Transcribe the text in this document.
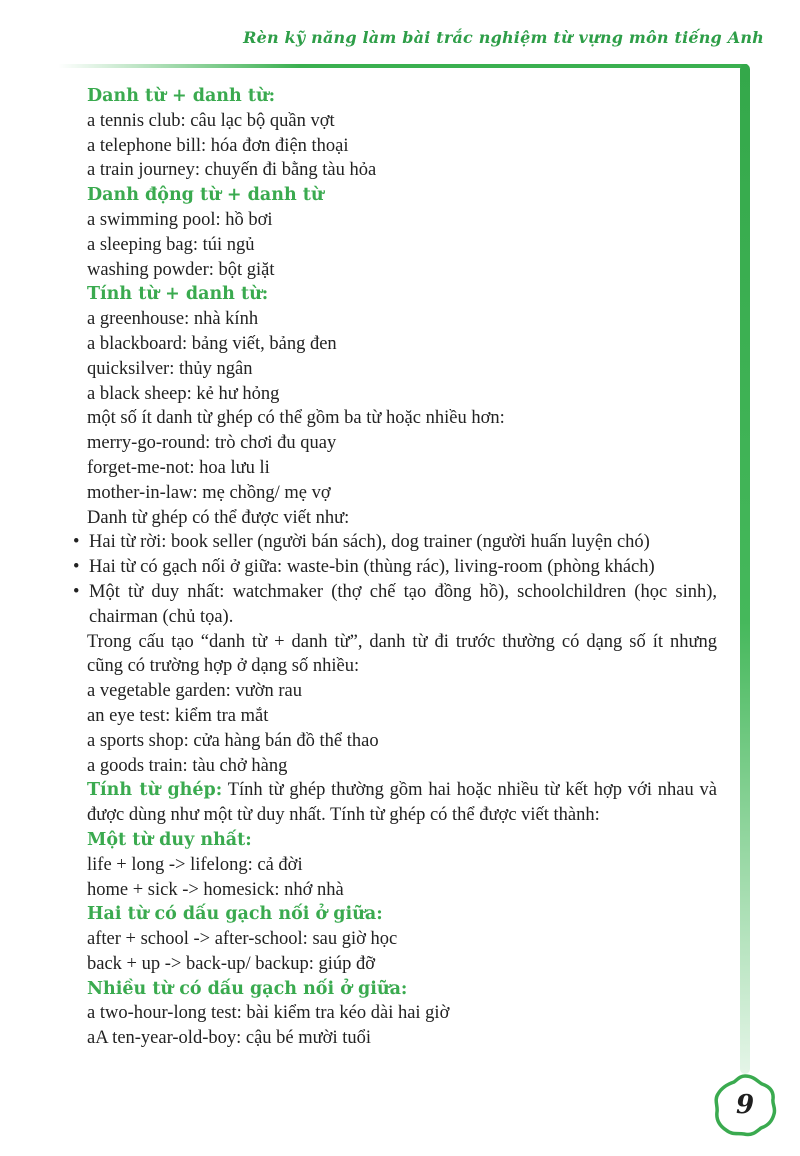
Rèn kỹ năng làm bài trắc nghiệm từ vựng môn tiếng Anh
Danh từ + danh từ:
a tennis club: câu lạc bộ quần vợt
a telephone bill: hóa đơn điện thoại
a train journey: chuyến đi bằng tàu hỏa
Danh động từ + danh từ
a swimming pool: hồ bơi
a sleeping bag: túi ngủ
washing powder: bột giặt
Tính từ + danh từ:
a greenhouse: nhà kính
a blackboard: bảng viết, bảng đen
quicksilver: thủy ngân
a black sheep: kẻ hư hỏng
một số ít danh từ ghép có thể gồm ba từ hoặc nhiều hơn:
merry-go-round: trò chơi đu quay
forget-me-not: hoa lưu li
mother-in-law: mẹ chồng/ mẹ vợ
Danh từ ghép có thể được viết như:
• Hai từ rời: book seller (người bán sách), dog trainer (người huấn luyện chó)
• Hai từ có gạch nối ở giữa: waste-bin (thùng rác), living-room (phòng khách)
• Một từ duy nhất: watchmaker (thợ chế tạo đồng hồ), schoolchildren (học sinh), chairman (chủ tọa).
Trong cấu tạo “danh từ + danh từ”, danh từ đi trước thường có dạng số ít nhưng cũng có trường hợp ở dạng số nhiều:
a vegetable garden: vườn rau
an eye test: kiểm tra mắt
a sports shop: cửa hàng bán đồ thể thao
a goods train: tàu chở hàng
Tính từ ghép: Tính từ ghép thường gồm hai hoặc nhiều từ kết hợp với nhau và được dùng như một từ duy nhất. Tính từ ghép có thể được viết thành:
Một từ duy nhất:
life + long -> lifelong: cả đời
home + sick -> homesick: nhớ nhà
Hai từ có dấu gạch nối ở giữa:
after + school -> after-school: sau giờ học
back + up -> back-up/ backup: giúp đỡ
Nhiều từ có dấu gạch nối ở giữa:
a two-hour-long test: bài kiểm tra kéo dài hai giờ
aA ten-year-old-boy: cậu bé mười tuổi
9
